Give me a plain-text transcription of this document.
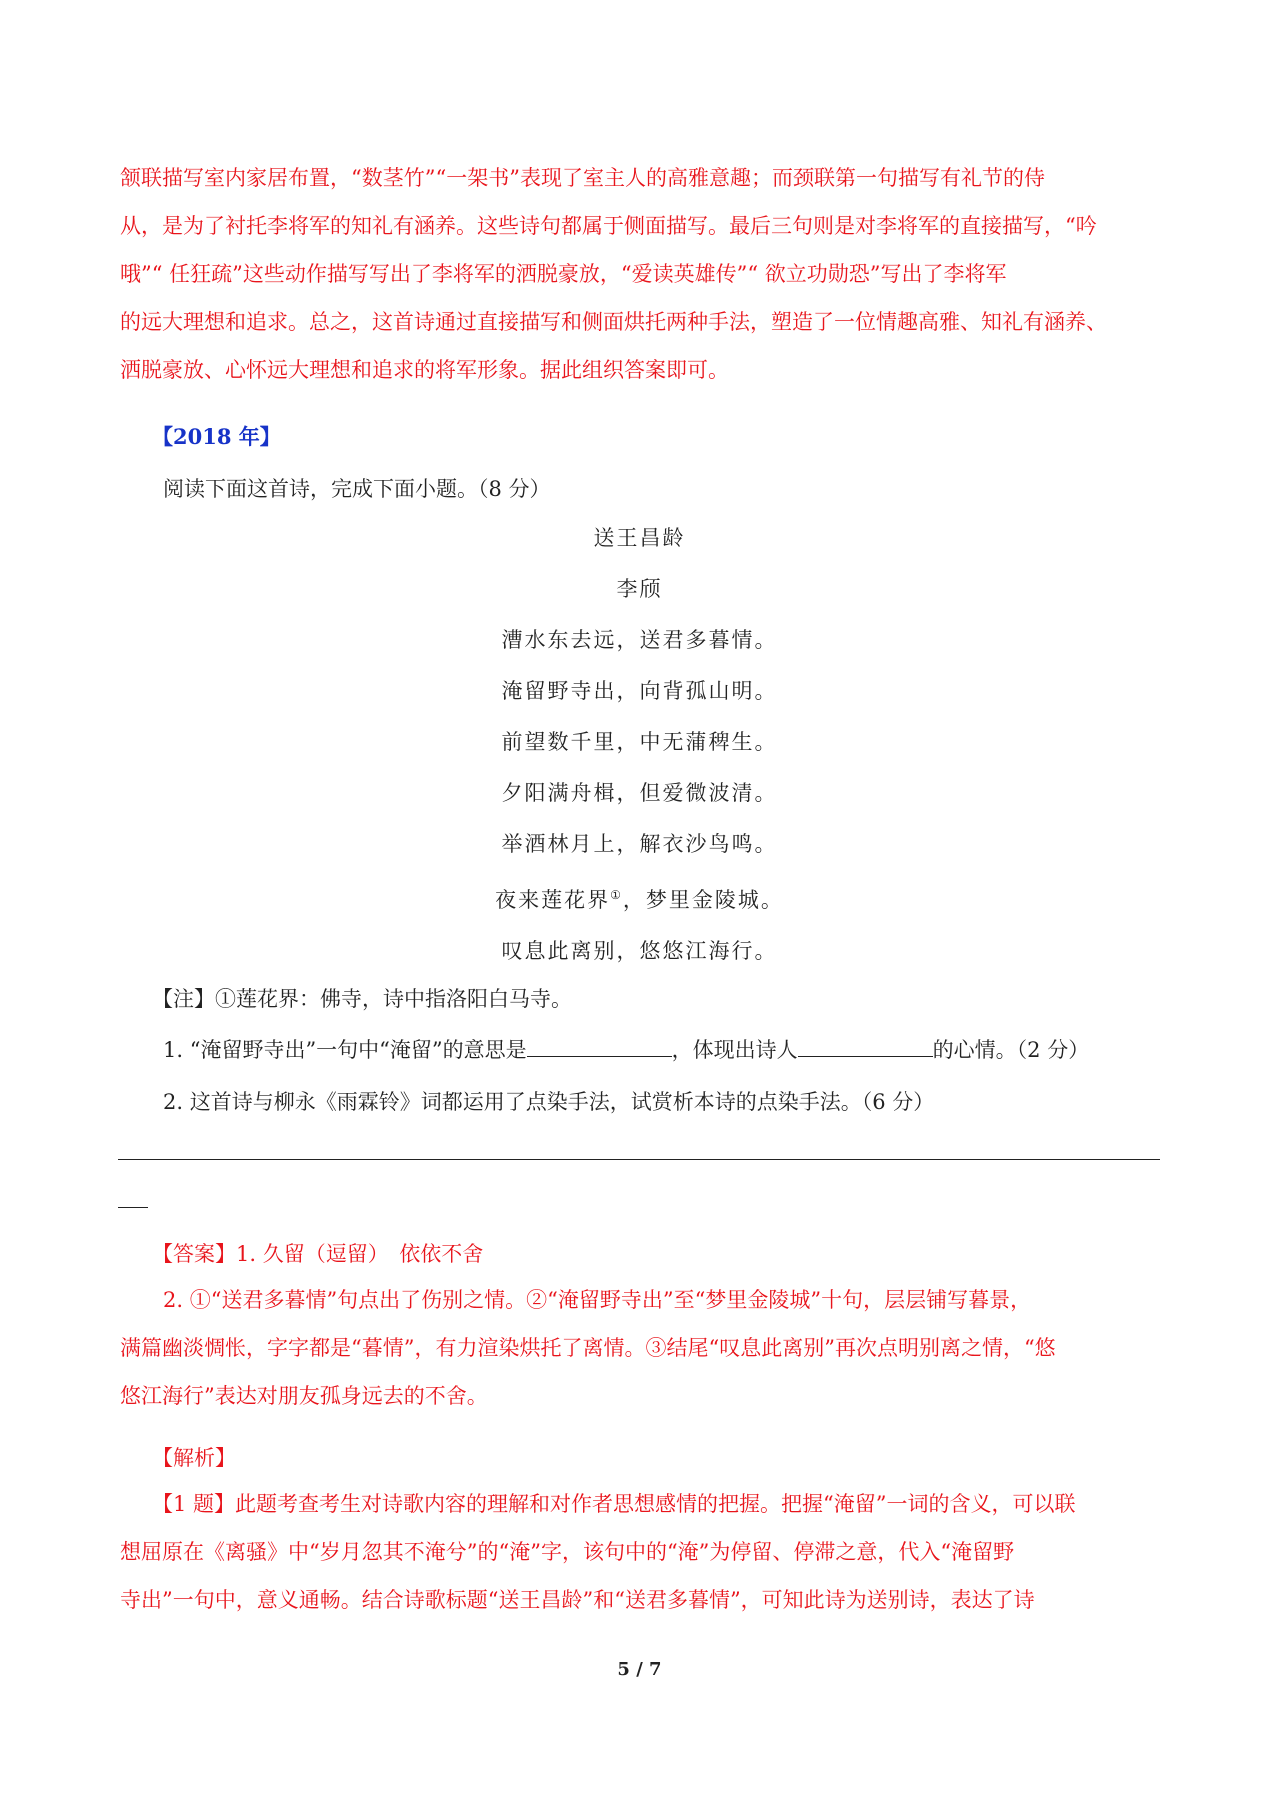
颔联描写室内家居布置，“数茎竹”“一架书”表现了室主人的高雅意趣；而颈联第一句描写有礼节的侍
从，是为了衬托李将军的知礼有涵养。这些诗句都属于侧面描写。最后三句则是对李将军的直接描写，“吟
哦”“ 任狂疏”这些动作描写写出了李将军的洒脱豪放，“爱读英雄传”“ 欲立功勋恐”写出了李将军
的远大理想和追求。总之，这首诗通过直接描写和侧面烘托两种手法，塑造了一位情趣高雅、知礼有涵养、
洒脱豪放、心怀远大理想和追求的将军形象。据此组织答案即可。
【2018 年】
阅读下面这首诗，完成下面小题。（8 分）
送王昌龄
李颀
漕水东去远，送君多暮情。
淹留野寺出，向背孤山明。
前望数千里，中无蒲稗生。
夕阳满舟楫，但爱微波清。
举酒林月上，解衣沙鸟鸣。
夜来莲花界①，梦里金陵城。
叹息此离别，悠悠江海行。
【注】①莲花界：佛寺，诗中指洛阳白马寺。
1. “淹留野寺出”一句中“淹留”的意思是	，体现出诗人	的心情。（2 分）
2. 这首诗与柳永《雨霖铃》词都运用了点染手法，试赏析本诗的点染手法。（6 分）
【答案】1. 久留（逗留）　依依不舍
2. ①“送君多暮情”句点出了伤别之情。②“淹留野寺出”至“梦里金陵城”十句，层层铺写暮景，
满篇幽淡惆怅，字字都是“暮情”，有力渲染烘托了离情。③结尾“叹息此离别”再次点明别离之情，“悠
悠江海行”表达对朋友孤身远去的不舍。
【解析】
【1 题】此题考查考生对诗歌内容的理解和对作者思想感情的把握。把握“淹留”一词的含义，可以联
想屈原在《离骚》中“岁月忽其不淹兮”的“淹”字，该句中的“淹”为停留、停滞之意，代入“淹留野
寺出”一句中，意义通畅。结合诗歌标题“送王昌龄”和“送君多暮情”，可知此诗为送别诗，表达了诗
5 / 7
